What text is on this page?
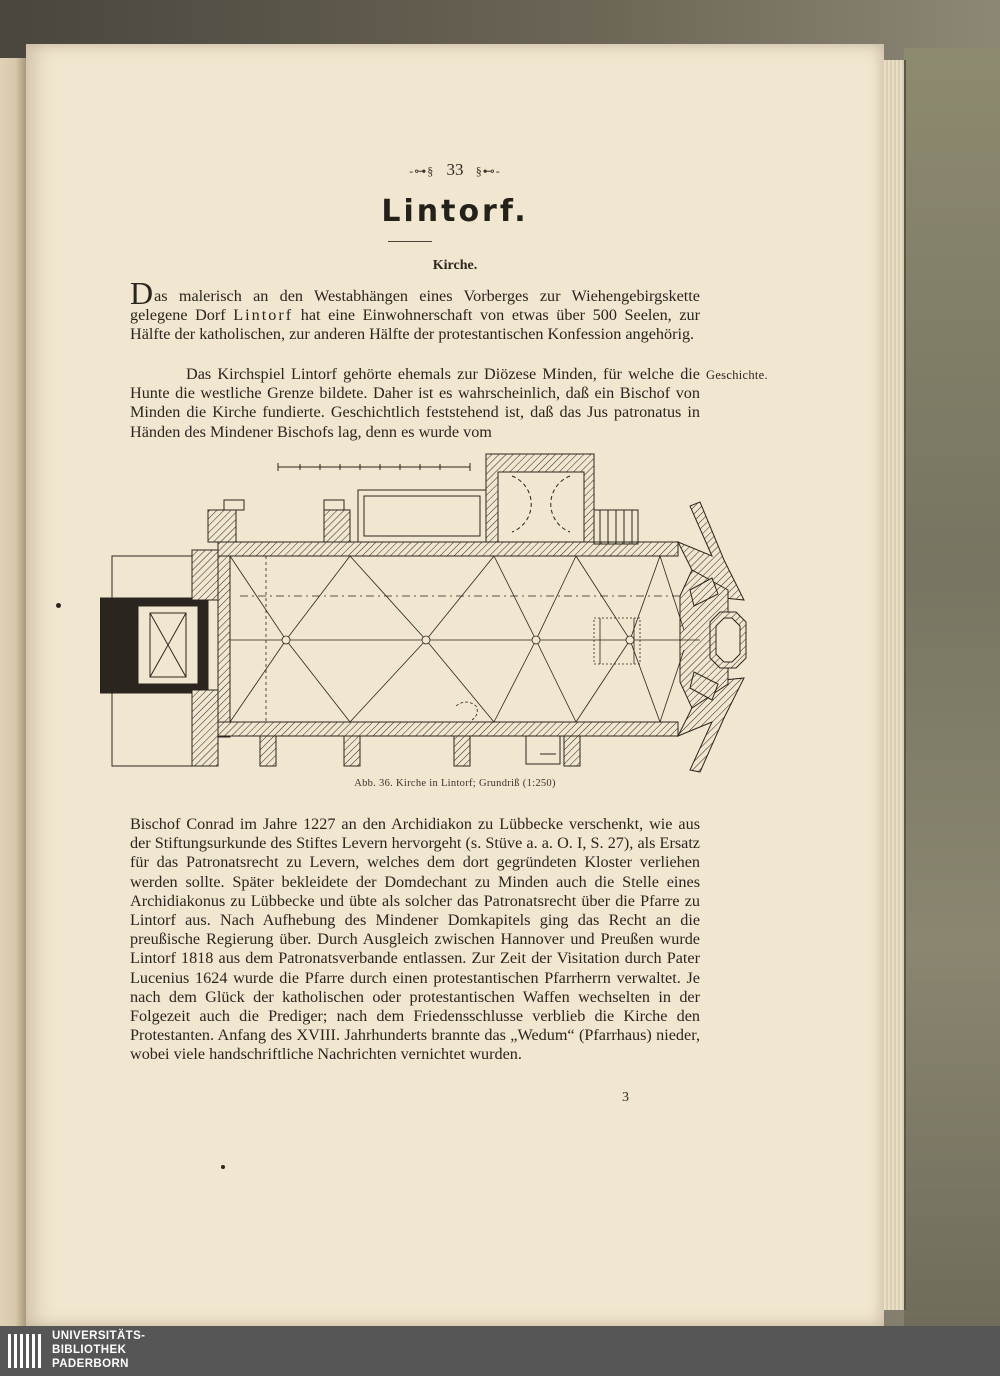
-⊶§ 33 §⊷-
Lintorf.
Kirche.

Das malerisch an den Westabhängen eines Vorberges zur Wiehengebirgskette gelegene Dorf Lintorf hat eine Einwohnerschaft von etwas über 500 Seelen, zur Hälfte der katholischen, zur anderen Hälfte der protestantischen Konfession angehörig.

Das Kirchspiel Lintorf gehörte ehemals zur Diözese Minden, für welche die Hunte die westliche Grenze bildete. Daher ist es wahrscheinlich, daß ein Bischof von Minden die Kirche fundierte. Geschichtlich feststehend ist, daß das Jus patronatus in Händen des Mindener Bischofs lag, denn es wurde vom

Geschichte.
Abb. 36. Kirche in Lintorf; Grundriß (1:250)

Bischof Conrad im Jahre 1227 an den Archidiakon zu Lübbecke verschenkt, wie aus der Stiftungsurkunde des Stiftes Levern hervorgeht (s. Stüve a. a. O. I, S. 27), als Ersatz für das Patronatsrecht zu Levern, welches dem dort gegründeten Kloster verliehen werden sollte. Später bekleidete der Domdechant zu Minden auch die Stelle eines Archidiakonus zu Lübbecke und übte als solcher das Patronatsrecht über die Pfarre zu Lintorf aus. Nach Aufhebung des Mindener Domkapitels ging das Recht an die preußische Regierung über. Durch Ausgleich zwischen Hannover und Preußen wurde Lintorf 1818 aus dem Patronatsverbande entlassen. Zur Zeit der Visitation durch Pater Lucenius 1624 wurde die Pfarre durch einen protestantischen Pfarrherrn verwaltet. Je nach dem Glück der katholischen oder protestantischen Waffen wechselten in der Folgezeit auch die Prediger; nach dem Friedensschlusse verblieb die Kirche den Protestanten. Anfang des XVIII. Jahrhunderts brannte das „Wedum“ (Pfarrhaus) nieder, wobei viele handschriftliche Nachrichten vernichtet wurden.

3
UNIVERSITÄTS-
BIBLIOTHEK
PADERBORN
